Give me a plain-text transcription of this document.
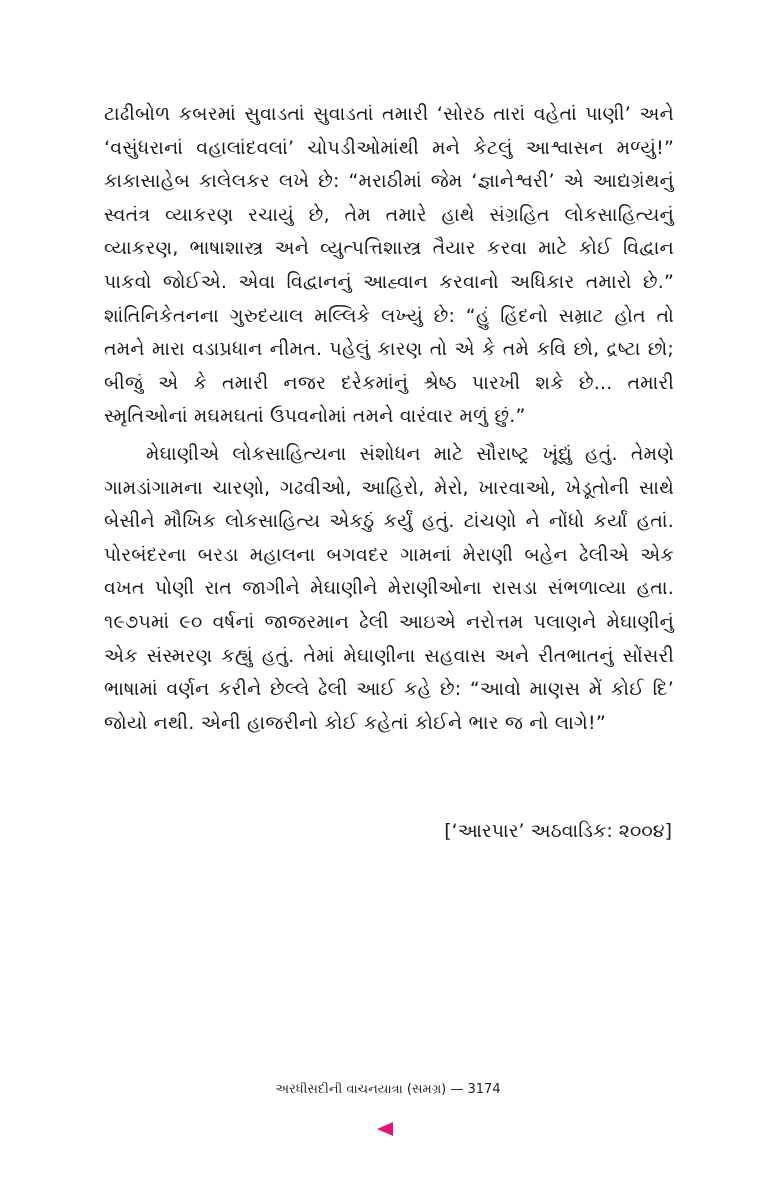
ટાઢીબોળ કબરમાં સુવાડતાં સુવાડતાં તમારી ‘સોરઠ તારાં વહેતાં પાણી’ અને ‘વસુંધરાનાં વહાલાંદવલાં’ ચોપડીઓમાંથી મને કેટલું આશ્વાસન મળ્યું!” કાકાસાહેબ કાલેલકર લખે છે: “મરાઠીમાં જેમ ‘જ્ઞાનેશ્વરી’ એ આદ્યગ્રંથનું સ્વતંત્ર વ્યાકરણ રચાયું છે, તેમ તમારે હાથે સંગ્રહિત લોકસાહિત્યનું વ્યાકરણ, ભાષાશાસ્ત્ર અને વ્યુત્પત્તિશાસ્ત્ર તૈયાર કરવા માટે કોઈ વિદ્વાન પાકવો જોઈએ. એવા વિદ્વાનનું આહ્વાન કરવાનો અધિકાર તમારો છે.” શાંતિનિકેતનના ગુરુદયાલ મલ્લિકે લખ્યું છે: “હું હિંદનો સમ્રાટ હોત તો તમને મારા વડાપ્રધાન નીમત. પહેલું કારણ તો એ કે તમે કવિ છો, દ્રષ્ટા છો; બીજું એ કે તમારી નજર દરેકમાંનું શ્રેષ્ઠ પારખી શકે છે... તમારી સ્મૃતિઓનાં મઘમઘતાં ઉપવનોમાં તમને વારંવાર મળું છું.”

મેઘાણીએ લોકસાહિત્યના સંશોધન માટે સૌરાષ્ટ્ર ખૂંદ્યું હતું. તેમણે ગામડાંગામના ચારણો, ગઢવીઓ, આહિરો, મેરો, ખારવાઓ, ખેડૂતોની સાથે બેસીને મૌખિક લોકસાહિત્ય એકઠું કર્યું હતું. ટાંચણો ને નોંધો કર્યાં હતાં. પોરબંદરના બરડા મહાલના બગવદર ગામનાં મેરાણી બહેન ઢેલીએ એક વખત પોણી રાત જાગીને મેઘાણીને મેરાણીઓના રાસડા સંભળાવ્યા હતા. ૧૯૭૫માં ૯૦ વર્ષનાં જાજરમાન ઢેલી આઇએ નરોત્તમ પલાણને મેઘાણીનું એક સંસ્મરણ કહ્યું હતું. તેમાં મેઘાણીના સહવાસ અને રીતભાતનું સોંસરી ભાષામાં વર્ણન કરીને છેલ્લે ઢેલી આઈ કહે છે: “આવો માણસ મેં કોઈ દિ’ જોયો નથી. એની હાજરીનો કોઈ કહેતાં કોઈને ભાર જ નો લાગે!”

[‘આરપાર’ અઠવાડિક: ૨૦૦૪]
અરધીસદીની વાચનયાત્રા (સમગ્ર) — 3174
